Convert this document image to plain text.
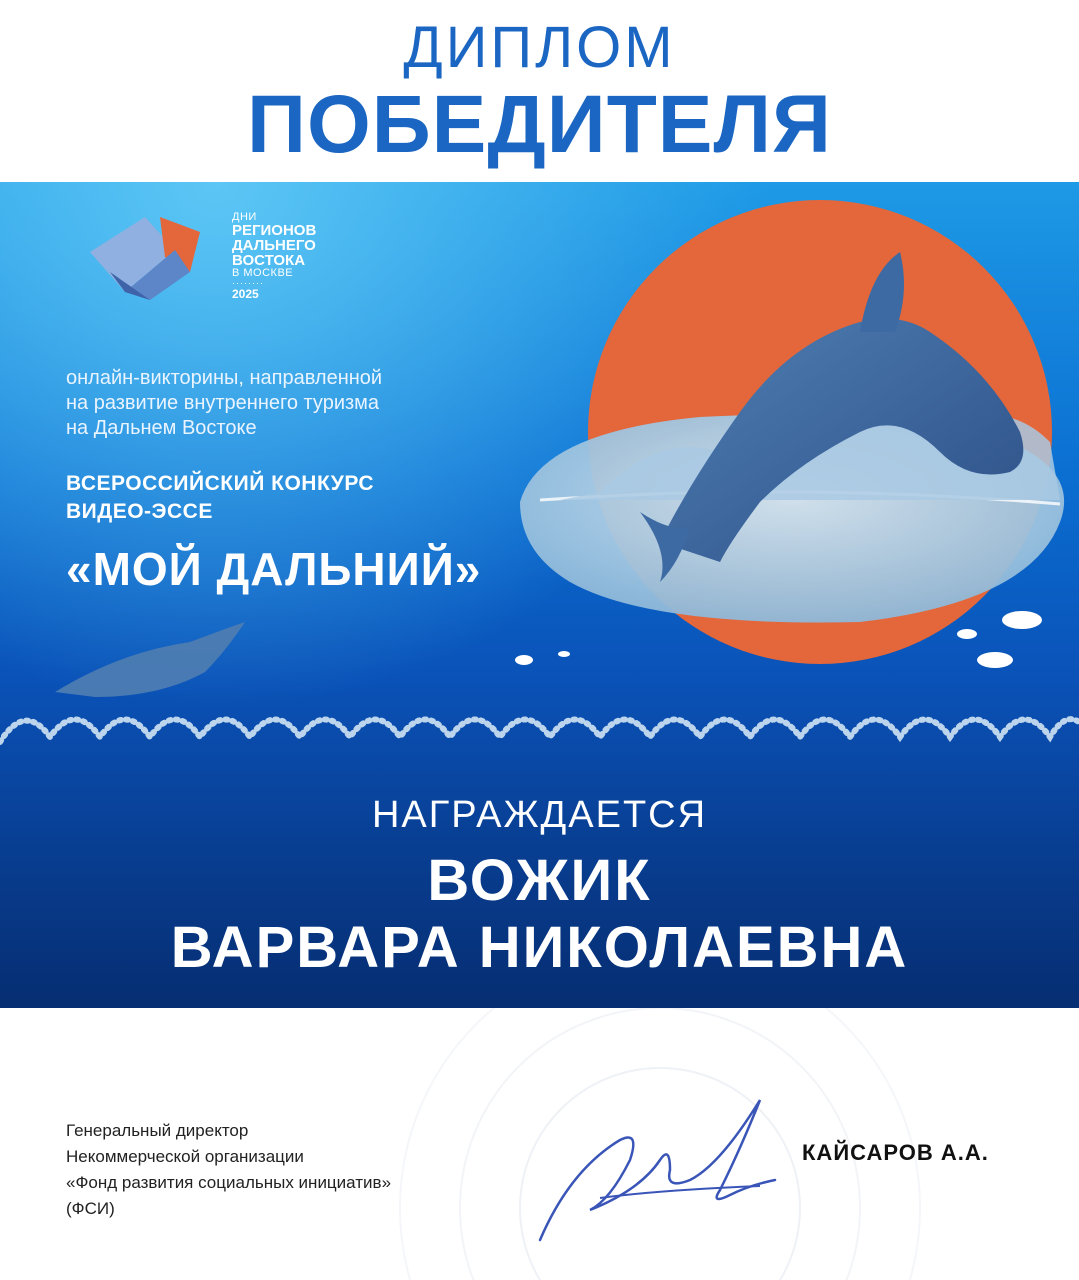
ДИПЛОМ
ПОБЕДИТЕЛЯ
ДНИ
РЕГИОНОВ
ДАЛЬНЕГО
ВОСТОКА
В МОСКВЕ
········
2025
онлайн-викторины, направленной
на развитие внутреннего туризма
на Дальнем Востоке
ВСЕРОССИЙСКИЙ КОНКУРС
ВИДЕО-ЭССЕ
«МОЙ ДАЛЬНИЙ»
НАГРАЖДАЕТСЯ
ВОЖИК
ВАРВАРА НИКОЛАЕВНА
Генеральный директор
Некоммерческой организации
«Фонд развития социальных инициатив»
(ФСИ)
КАЙСАРОВ А.А.
